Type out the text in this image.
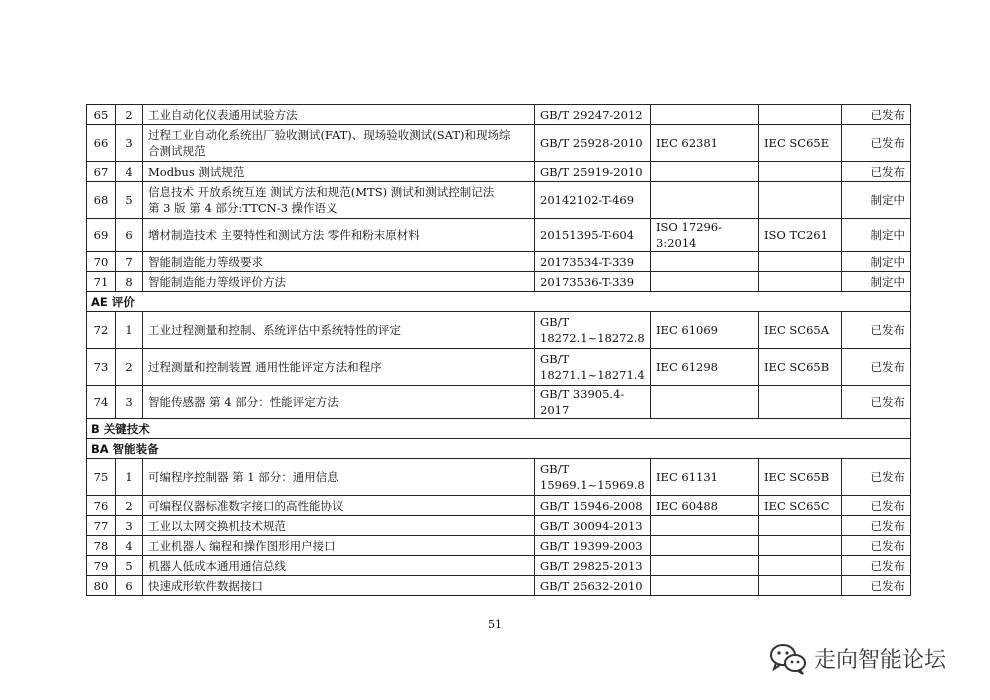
65	2	工业自动化仪表通用试验方法	GB/T 29247-2012			已发布
66	3	过程工业自动化系统出厂验收测试(FAT)、现场验收测试(SAT)和现场综
合测试规范	GB/T 25928-2010	IEC 62381	IEC SC65E	已发布
67	4	Modbus 测试规范	GB/T 25919-2010			已发布
68	5	信息技术 开放系统互连 测试方法和规范(MTS) 测试和测试控制记法
第 3 版 第 4 部分:TTCN-3 操作语义	20142102-T-469			制定中
69	6	增材制造技术 主要特性和测试方法 零件和粉末原材料	20151395-T-604	ISO 17296-3:2014	ISO TC261	制定中
70	7	智能制造能力等级要求	20173534-T-339			制定中
71	8	智能制造能力等级评价方法	20173536-T-339			制定中
AE 评价						
72	1	工业过程测量和控制、系统评估中系统特性的评定	GB/T
18272.1~18272.8	IEC 61069	IEC SC65A	已发布
73	2	过程测量和控制装置 通用性能评定方法和程序	GB/T
18271.1~18271.4	IEC 61298	IEC SC65B	已发布
74	3	智能传感器 第 4 部分：性能评定方法	GB/T 33905.4-2017			已发布
B 关键技术						
BA 智能装备						
75	1	可编程序控制器 第 1 部分：通用信息	GB/T
15969.1~15969.8	IEC 61131	IEC SC65B	已发布
76	2	可编程仪器标准数字接口的高性能协议	GB/T 15946-2008	IEC 60488	IEC SC65C	已发布
77	3	工业以太网交换机技术规范	GB/T 30094-2013			已发布
78	4	工业机器人 编程和操作图形用户接口	GB/T 19399-2003			已发布
79	5	机器人低成本通用通信总线	GB/T 29825-2013			已发布
80	6	快速成形软件数据接口	GB/T 25632-2010			已发布
51
走向智能论坛
